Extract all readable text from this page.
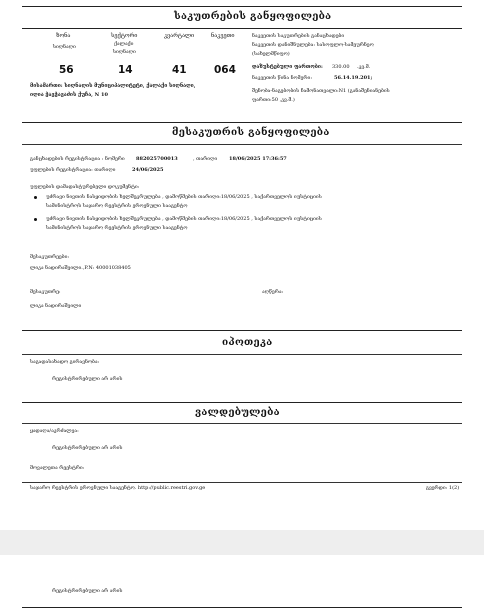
საკუთრების განყოფილება
ზონა	სექტორი	კვარტალი	ნაკვეთი
სიღნაღი	ქალაქი
სიღნაღი
56	14	41	064
მისამართი: სიღნაღის მუნიციპალიტეტი, ქალაქი სიღნაღი,
იღია ჭავჭავაძის ქუჩა, N 10
ნაკვეთის საკუთრების განაცხადები
ნაკვეთის დანიშნულება: სასოფლო-სამეურნეო
(სახელმწიფო)
დაზუსტებული ფართობი: 330.00 .კვ.მ.
ნაკვეთის წინა ნომერი:	56.14.19.201;
შენობა-ნაგებობის ჩამონათვალი:N1 (განაშენიანების
ფართი:50 ,კვ.მ.)
მესაკუთრის განყოფილება
განცხადების რეგისტრაცია : ნომერი 882025700013	, თარიღი 18/06/2025 17:36:57
უფლების რეგისტრაცია: თარიღი	24/06/2025
უფლების დამადასტურებელი დოკუმენტი:
უძრავი ნივთის ნასყიდობის ხელშეკრულება , დამოწმების თარიღი:18/06/2025 , საქართველოს იუსტიციის
სამინისტროს საჯარო რეესტრის ეროვნული სააგენტო
უძრავი ნივთის ნასყიდობის ხელშეკრულება , დამოწმების თარიღი:18/06/2025 , საქართველოს იუსტიციის
სამინისტროს საჯარო რეესტრის ეროვნული სააგენტო
მესაკუთრეები:
ლიკა ნადირაშვილი.,P.N: 40001038405
მესაკუთრე:	აღწერა:
ლიკა ნადირაშვილი
იპოთეკა
საგადასახადო გირავნობა:
რეგისტრირებული არ არის
ვალდებულება
ყადაღა/აკრძალვა:
რეგისტრირებული არ არის
მოვალეთა რეესტრი:
საჯარო რეესტრის ეროვნული სააგენტო. http://public.reestri.gov.ge	გვერდი: 1(2)
რეგისტრირებული არ არის
